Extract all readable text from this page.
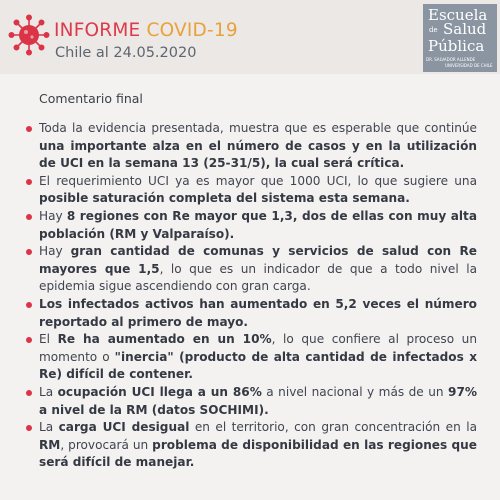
INFORME COVID-19
Chile al 24.05.2020
Escuela
de Salud
Pública
DR. SALVADOR ALLENDE
UNIVERSIDAD DE CHILE
Comentario final
Toda la evidencia presentada, muestra que es esperable que continúe una importante alza en el número de casos y en la utilización de UCI en la semana 13 (25-31/5), la cual será crítica.
El requerimiento UCI ya es mayor que 1000 UCI, lo que sugiere una posible saturación completa del sistema esta semana.
Hay 8 regiones con Re mayor que 1,3, dos de ellas con muy alta población (RM y Valparaíso).
Hay gran cantidad de comunas y servicios de salud con Re mayores que 1,5, lo que es un indicador de que a todo nivel la epidemia sigue ascendiendo con gran carga.
Los infectados activos han aumentado en 5,2 veces el número reportado al primero de mayo.
El Re ha aumentado en un 10%, lo que confiere al proceso un momento o "inercia" (producto de alta cantidad de infectados x Re) difícil de contener.
La ocupación UCI llega a un 86% a nivel nacional y más de un 97% a nivel de la RM (datos SOCHIMI).
La carga UCI desigual en el territorio, con gran concentración en la RM, provocará un problema de disponibilidad en las regiones que será difícil de manejar.
